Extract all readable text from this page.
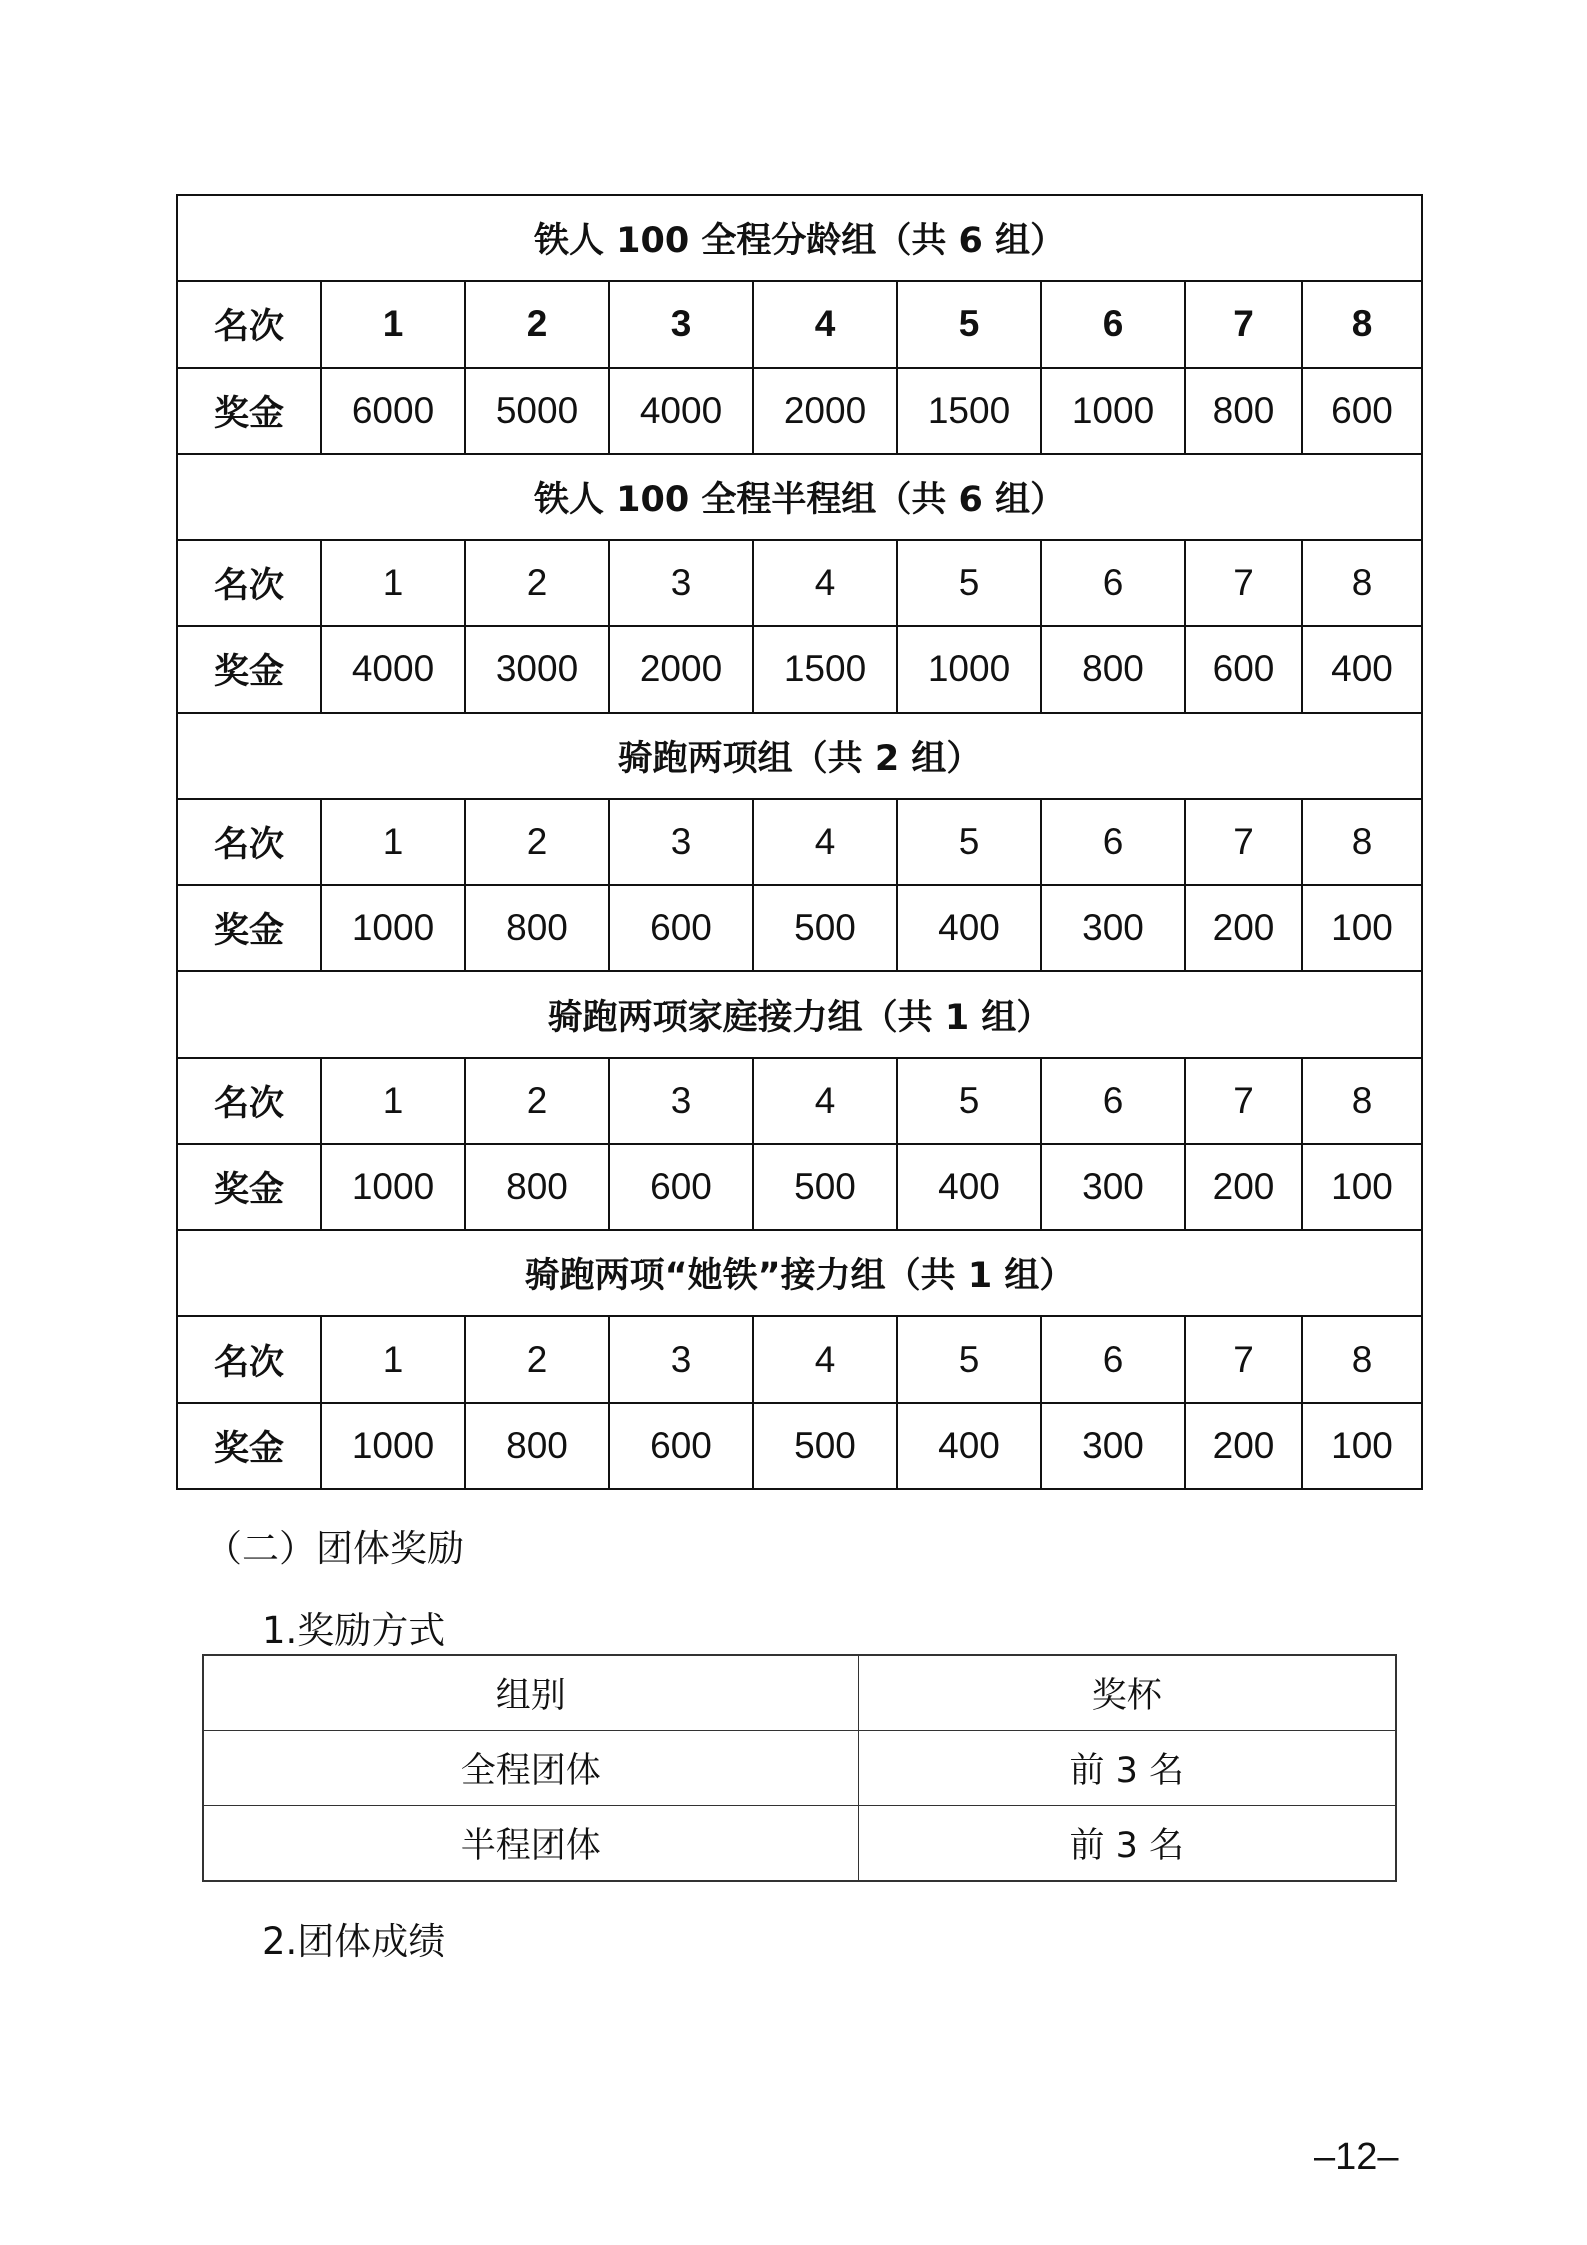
铁人 100 全程分龄组（共 6 组）								
名次	1	2	3	4	5	6	7	8
奖金	6000	5000	4000	2000	1500	1000	800	600
铁人 100 全程半程组（共 6 组）								
名次	1	2	3	4	5	6	7	8
奖金	4000	3000	2000	1500	1000	800	600	400
骑跑两项组（共 2 组）								
名次	1	2	3	4	5	6	7	8
奖金	1000	800	600	500	400	300	200	100
骑跑两项家庭接力组（共 1 组）								
名次	1	2	3	4	5	6	7	8
奖金	1000	800	600	500	400	300	200	100
骑跑两项“她铁”接力组（共 1 组）								
名次	1	2	3	4	5	6	7	8
奖金	1000	800	600	500	400	300	200	100
（二）团体奖励
1.奖励方式
组别	奖杯
全程团体	前 3 名
半程团体	前 3 名
2.团体成绩
–12–
